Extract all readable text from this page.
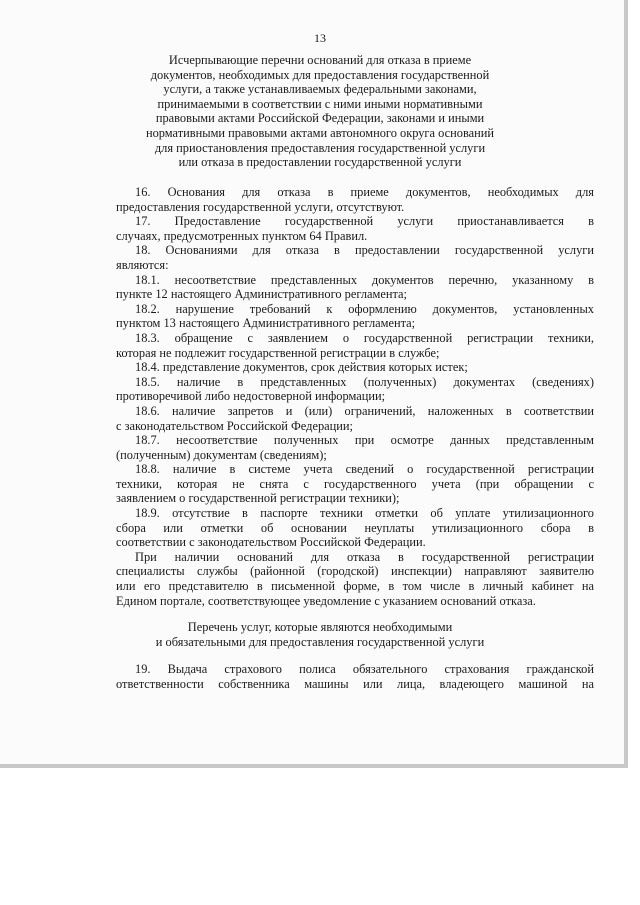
13
Исчерпывающие перечни оснований для отказа в приеме
документов, необходимых для предоставления государственной
услуги, а также устанавливаемых федеральными законами,
принимаемыми в соответствии с ними иными нормативными
правовыми актами Российской Федерации, законами и иными
нормативными правовыми актами автономного округа оснований
для приостановления предоставления государственной услуги
или отказа в предоставлении государственной услуги
16. Основания для отказа в приеме документов, необходимых для
предоставления государственной услуги, отсутствуют.
17. Предоставление государственной услуги приостанавливается в
случаях, предусмотренных пунктом 64 Правил.
18. Основаниями для отказа в предоставлении государственной услуги
являются:
18.1. несоответствие представленных документов перечню, указанному в
пункте 12 настоящего Административного регламента;
18.2. нарушение требований к оформлению документов, установленных
пунктом 13 настоящего Административного регламента;
18.3. обращение с заявлением о государственной регистрации техники,
которая не подлежит государственной регистрации в службе;
18.4. представление документов, срок действия которых истек;
18.5. наличие в представленных (полученных) документах (сведениях)
противоречивой либо недостоверной информации;
18.6. наличие запретов и (или) ограничений, наложенных в соответствии
с законодательством Российской Федерации;
18.7. несоответствие полученных при осмотре данных представленным
(полученным) документам (сведениям);
18.8. наличие в системе учета сведений о государственной регистрации
техники, которая не снята с государственного учета (при обращении с
заявлением о государственной регистрации техники);
18.9. отсутствие в паспорте техники отметки об уплате утилизационного
сбора или отметки об основании неуплаты утилизационного сбора в
соответствии с законодательством Российской Федерации.
При наличии оснований для отказа в государственной регистрации
специалисты службы (районной (городской) инспекции) направляют заявителю
или его представителю в письменной форме, в том числе в личный кабинет на
Едином портале, соответствующее уведомление с указанием оснований отказа.
Перечень услуг, которые являются необходимыми
и обязательными для предоставления государственной услуги
19. Выдача страхового полиса обязательного страхования гражданской
ответственности собственника машины или лица, владеющего машиной на
